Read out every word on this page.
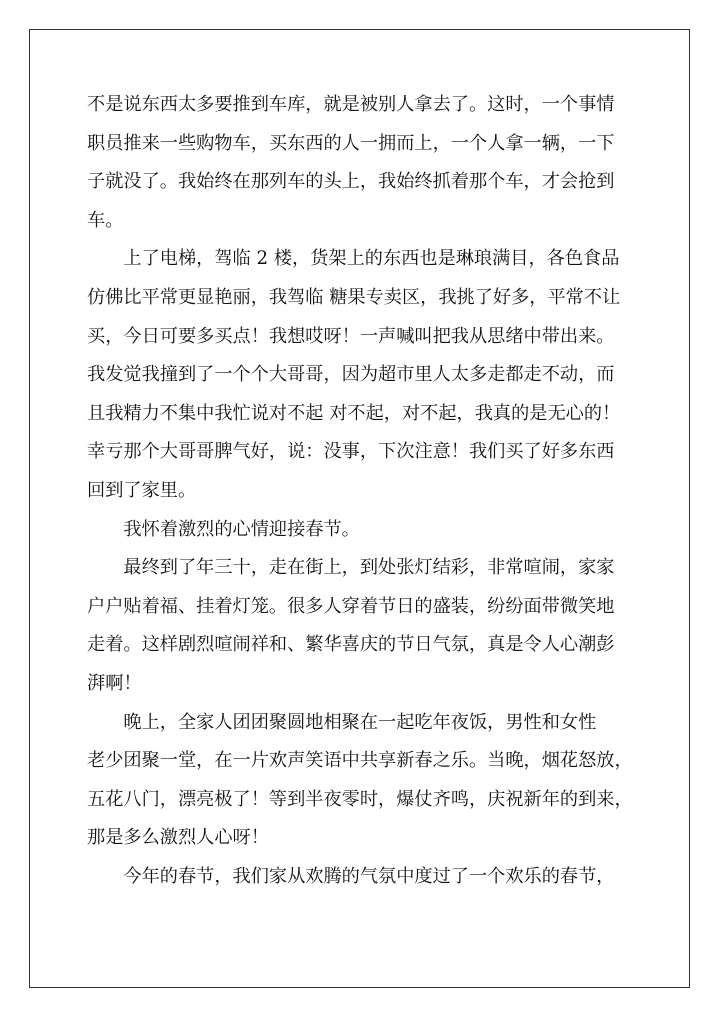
不是说东西太多要推到车库，就是被别人拿去了。这时，一个事情
职员推来一些购物车，买东西的人一拥而上，一个人拿一辆，一下
子就没了。我始终在那列车的头上，我始终抓着那个车，才会抢到
车。

上了电梯，驾临 2 楼，货架上的东西也是琳琅满目，各色食品
仿佛比平常更显艳丽，我驾临 糖果专卖区，我挑了好多，平常不让
买，今日可要多买点！我想哎呀！一声喊叫把我从思绪中带出来。
我发觉我撞到了一个个大哥哥，因为超市里人太多走都走不动，而
且我精力不集中我忙说对不起 对不起，对不起，我真的是无心的！
幸亏那个大哥哥脾气好，说：没事，下次注意！我们买了好多东西
回到了家里。

我怀着激烈的心情迎接春节。

最终到了年三十，走在街上，到处张灯结彩，非常喧闹，家家
户户贴着福、挂着灯笼。很多人穿着节日的盛装，纷纷面带微笑地
走着。这样剧烈喧闹祥和、繁华喜庆的节日气氛，真是令人心潮彭
湃啊！

晚上，全家人团团聚圆地相聚在一起吃年夜饭，男性和女性
老少团聚一堂，在一片欢声笑语中共享新春之乐。当晚，烟花怒放，
五花八门，漂亮极了！等到半夜零时，爆仗齐鸣，庆祝新年的到来，
那是多么激烈人心呀！

今年的春节，我们家从欢腾的气氛中度过了一个欢乐的春节，
